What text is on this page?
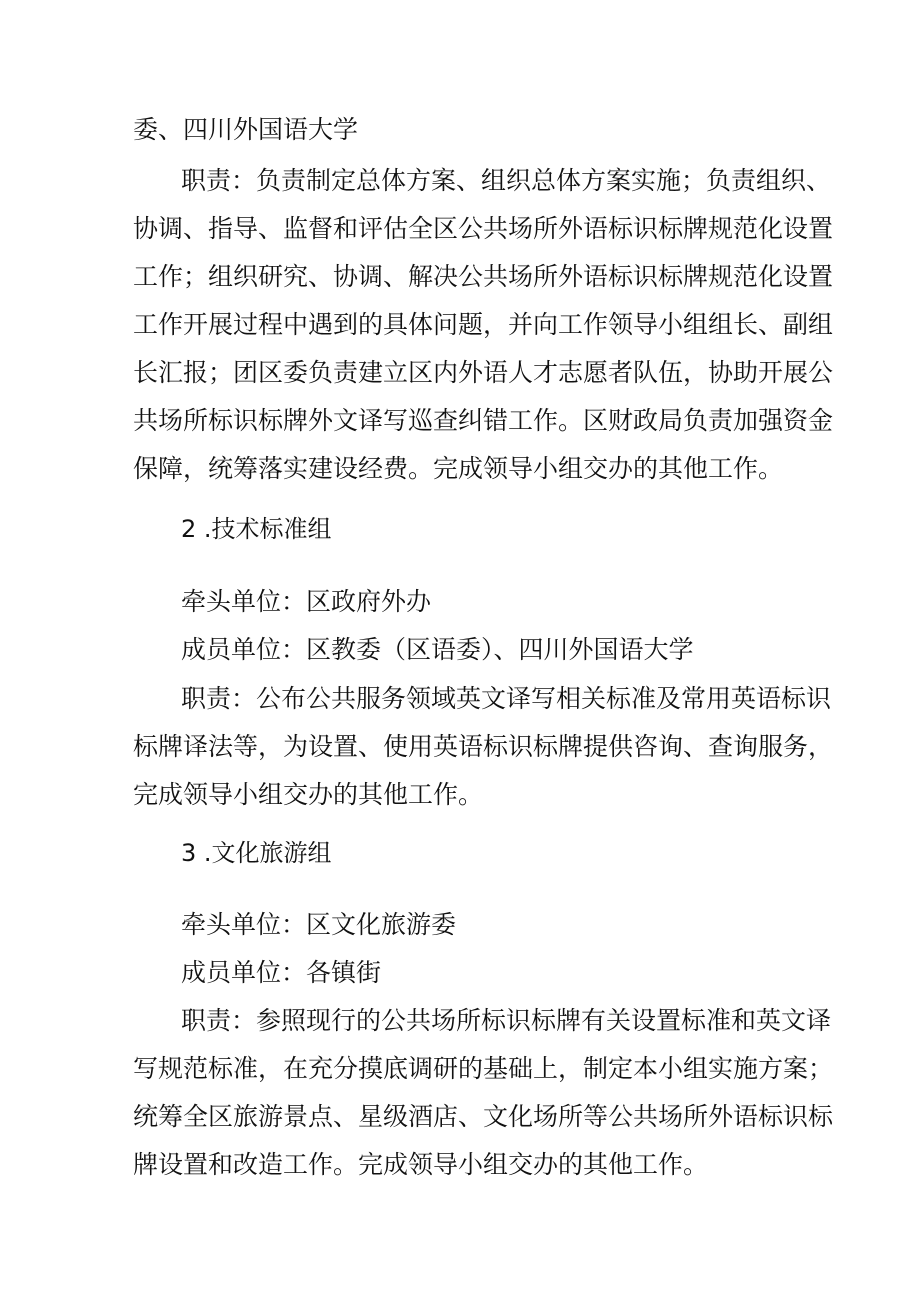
委、四川外国语大学
职责：负责制定总体方案、组织总体方案实施；负责组织、
协调、指导、监督和评估全区公共场所外语标识标牌规范化设置
工作；组织研究、协调、解决公共场所外语标识标牌规范化设置
工作开展过程中遇到的具体问题，并向工作领导小组组长、副组
长汇报；团区委负责建立区内外语人才志愿者队伍，协助开展公
共场所标识标牌外文译写巡查纠错工作。区财政局负责加强资金
保障，统筹落实建设经费。完成领导小组交办的其他工作。
2 .技术标准组
牵头单位：区政府外办
成员单位：区教委（区语委）、四川外国语大学
职责：公布公共服务领域英文译写相关标准及常用英语标识
标牌译法等，为设置、使用英语标识标牌提供咨询、查询服务，
完成领导小组交办的其他工作。
3 .文化旅游组
牵头单位：区文化旅游委
成员单位：各镇街
职责：参照现行的公共场所标识标牌有关设置标准和英文译
写规范标准，在充分摸底调研的基础上，制定本小组实施方案；
统筹全区旅游景点、星级酒店、文化场所等公共场所外语标识标
牌设置和改造工作。完成领导小组交办的其他工作。
